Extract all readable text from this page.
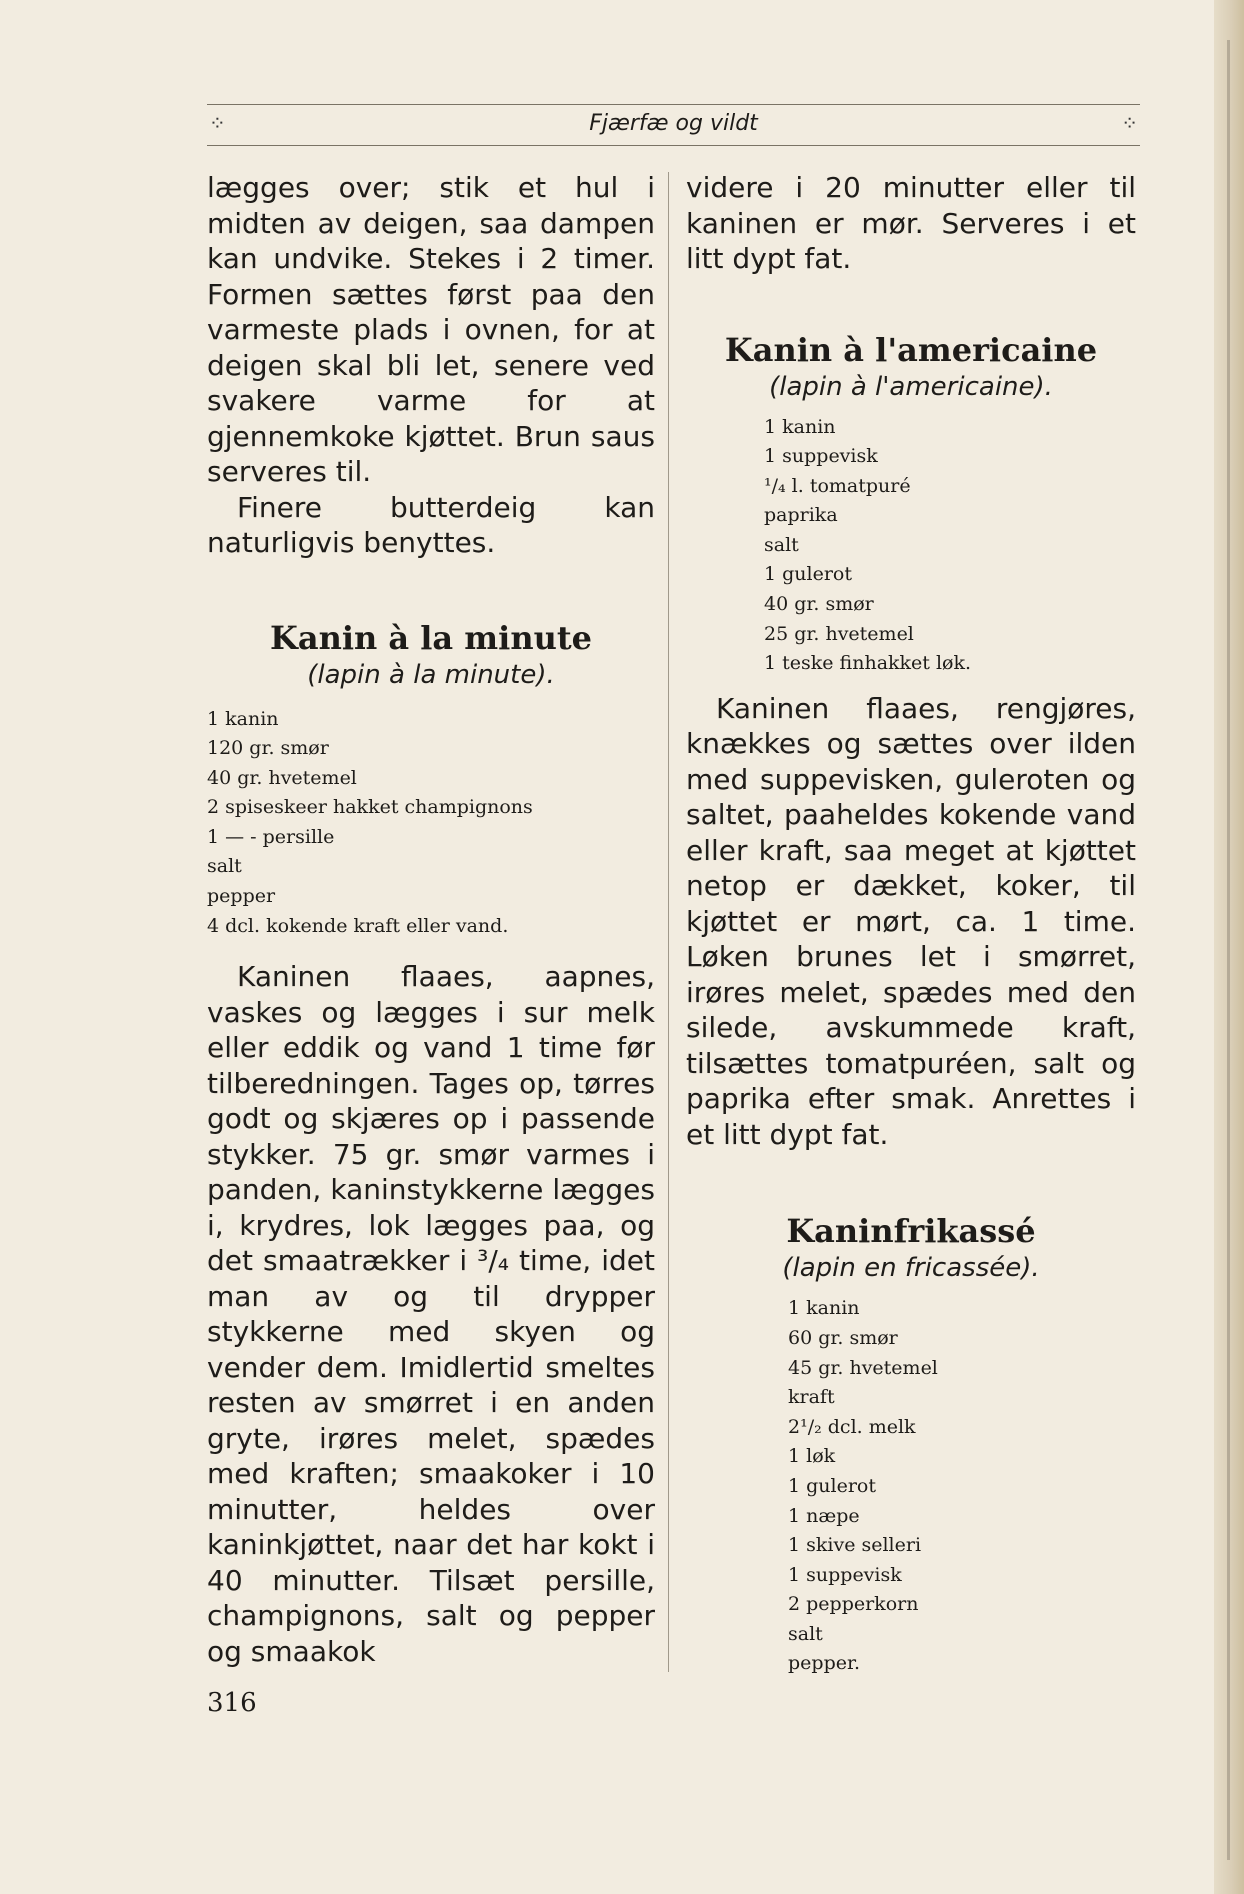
⁘	Fjærfæ og vildt	⁘

lægges over; stik et hul i midten av deigen, saa dampen kan undvike. Stekes i 2 timer. Formen sættes først paa den varmeste plads i ovnen, for at deigen skal bli let, senere ved svakere varme for at gjennemkoke kjøttet. Brun saus serveres til.

Finere butterdeig kan naturligvis benyttes.

Kanin à la minute

(lapin à la minute).

1 kanin
120 gr. smør
40 gr. hvetemel
2 spiseskeer hakket champignons
1 — - persille
salt
pepper
4 dcl. kokende kraft eller vand.

Kaninen flaaes, aapnes, vaskes og lægges i sur melk eller eddik og vand 1 time før tilberedningen. Tages op, tørres godt og skjæres op i passende stykker. 75 gr. smør varmes i panden, kaninstykkerne lægges i, krydres, lok lægges paa, og det smaatrækker i ³/₄ time, idet man av og til drypper stykkerne med skyen og vender dem. Imidlertid smeltes resten av smørret i en anden gryte, irøres melet, spædes med kraften; smaakoker i 10 minutter, heldes over kaninkjøttet, naar det har kokt i 40 minutter. Tilsæt persille, champignons, salt og pepper og smaakok

videre i 20 minutter eller til kaninen er mør. Serveres i et litt dypt fat.

Kanin à l'americaine

(lapin à l'americaine).

1 kanin
1 suppevisk
¹/₄ l. tomatpuré
paprika
salt
1 gulerot
40 gr. smør
25 gr. hvetemel
1 teske finhakket løk.

Kaninen flaaes, rengjøres, knækkes og sættes over ilden med suppevisken, guleroten og saltet, paaheldes kokende vand eller kraft, saa meget at kjøttet netop er dækket, koker, til kjøttet er mørt, ca. 1 time. Løken brunes let i smørret, irøres melet, spædes med den silede, avskummede kraft, tilsættes tomatpuréen, salt og paprika efter smak. Anrettes i et litt dypt fat.

Kaninfrikassé

(lapin en fricassée).

1 kanin
60 gr. smør
45 gr. hvetemel
kraft
2¹/₂ dcl. melk
1 løk
1 gulerot
1 næpe
1 skive selleri
1 suppevisk
2 pepperkorn
salt
pepper.
316
